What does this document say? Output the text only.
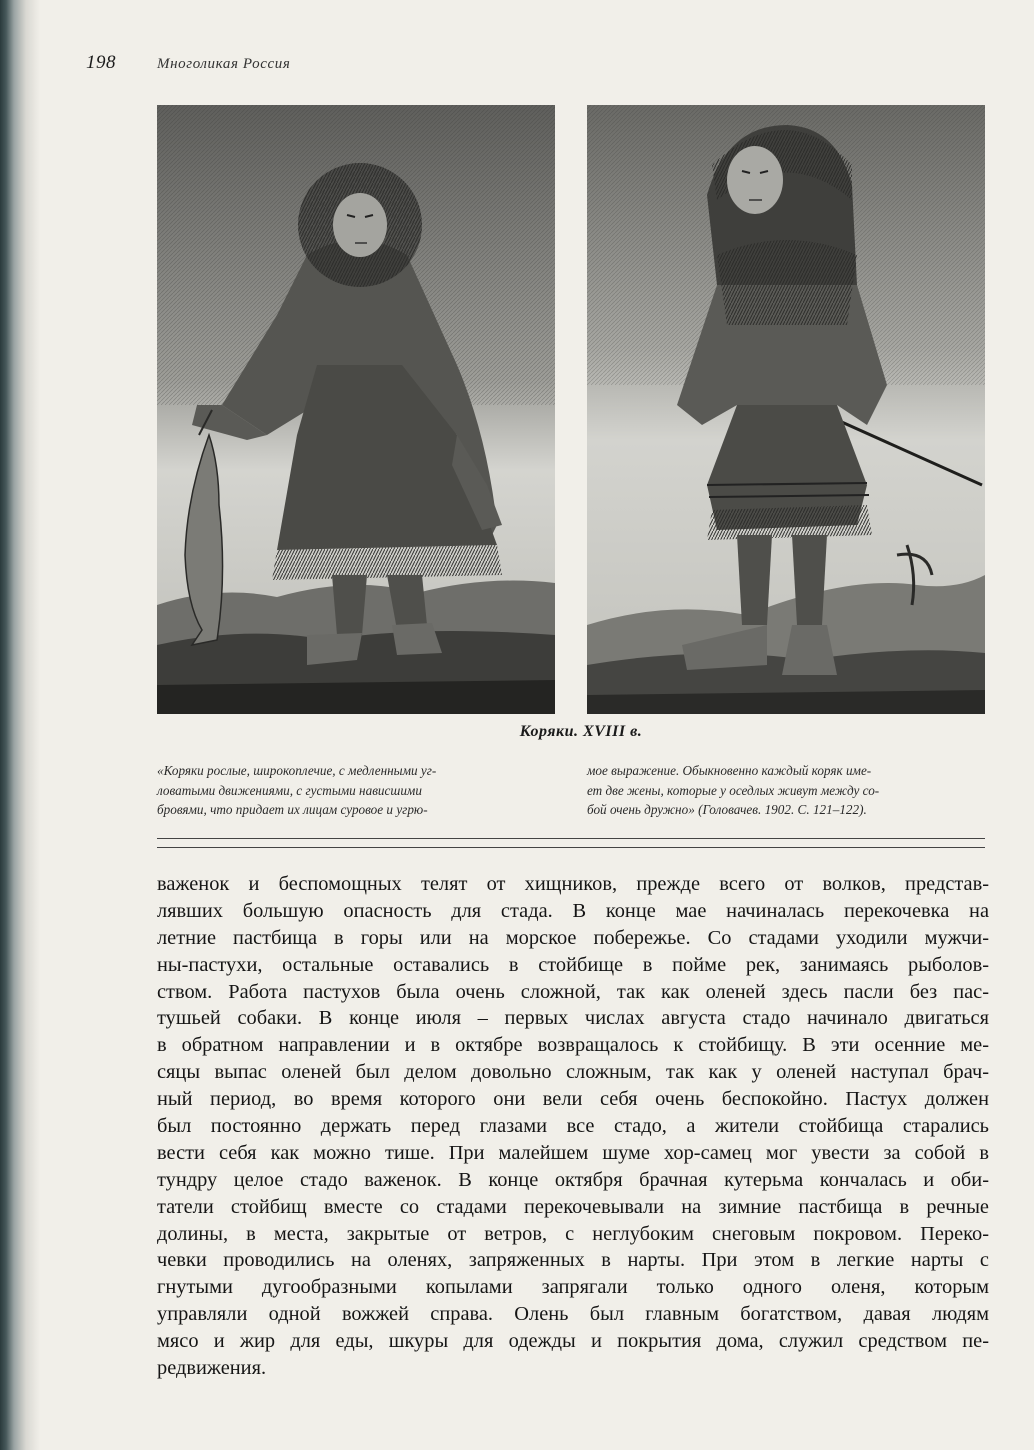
198	Многоликая Россия
Коряки. XVIII в.
«Коряки рослые, широкоплечие, с медленными уг-
ловатыми движениями, с густыми нависшими
бровями, что придает их лицам суровое и угрю-
мое выражение. Обыкновенно каждый коряк име-
ет две жены, которые у оседлых живут между со-
бой очень дружно» (Головачев. 1902. С. 121–122).
важенок и беспомощных телят от хищников, прежде всего от волков, представ-
лявших большую опасность для стада. В конце мае начиналась перекочевка на
летние пастбища в горы или на морское побережье. Со стадами уходили мужчи-
ны-пастухи, остальные оставались в стойбище в пойме рек, занимаясь рыболов-
ством. Работа пастухов была очень сложной, так как оленей здесь пасли без пас-
тушьей собаки. В конце июля – первых числах августа стадо начинало двигаться
в обратном направлении и в октябре возвращалось к стойбищу. В эти осенние ме-
сяцы выпас оленей был делом довольно сложным, так как у оленей наступал брач-
ный период, во время которого они вели себя очень беспокойно. Пастух должен
был постоянно держать перед глазами все стадо, а жители стойбища старались
вести себя как можно тише. При малейшем шуме хор-самец мог увести за собой в
тундру целое стадо важенок. В конце октября брачная кутерьма кончалась и оби-
татели стойбищ вместе со стадами перекочевывали на зимние пастбища в речные
долины, в места, закрытые от ветров, с неглубоким снеговым покровом. Переко-
чевки проводились на оленях, запряженных в нарты. При этом в легкие нарты с
гнутыми дугообразными копылами запрягали только одного оленя, которым
управляли одной вожжей справа. Олень был главным богатством, давая людям
мясо и жир для еды, шкуры для одежды и покрытия дома, служил средством пе-
редвижения.
